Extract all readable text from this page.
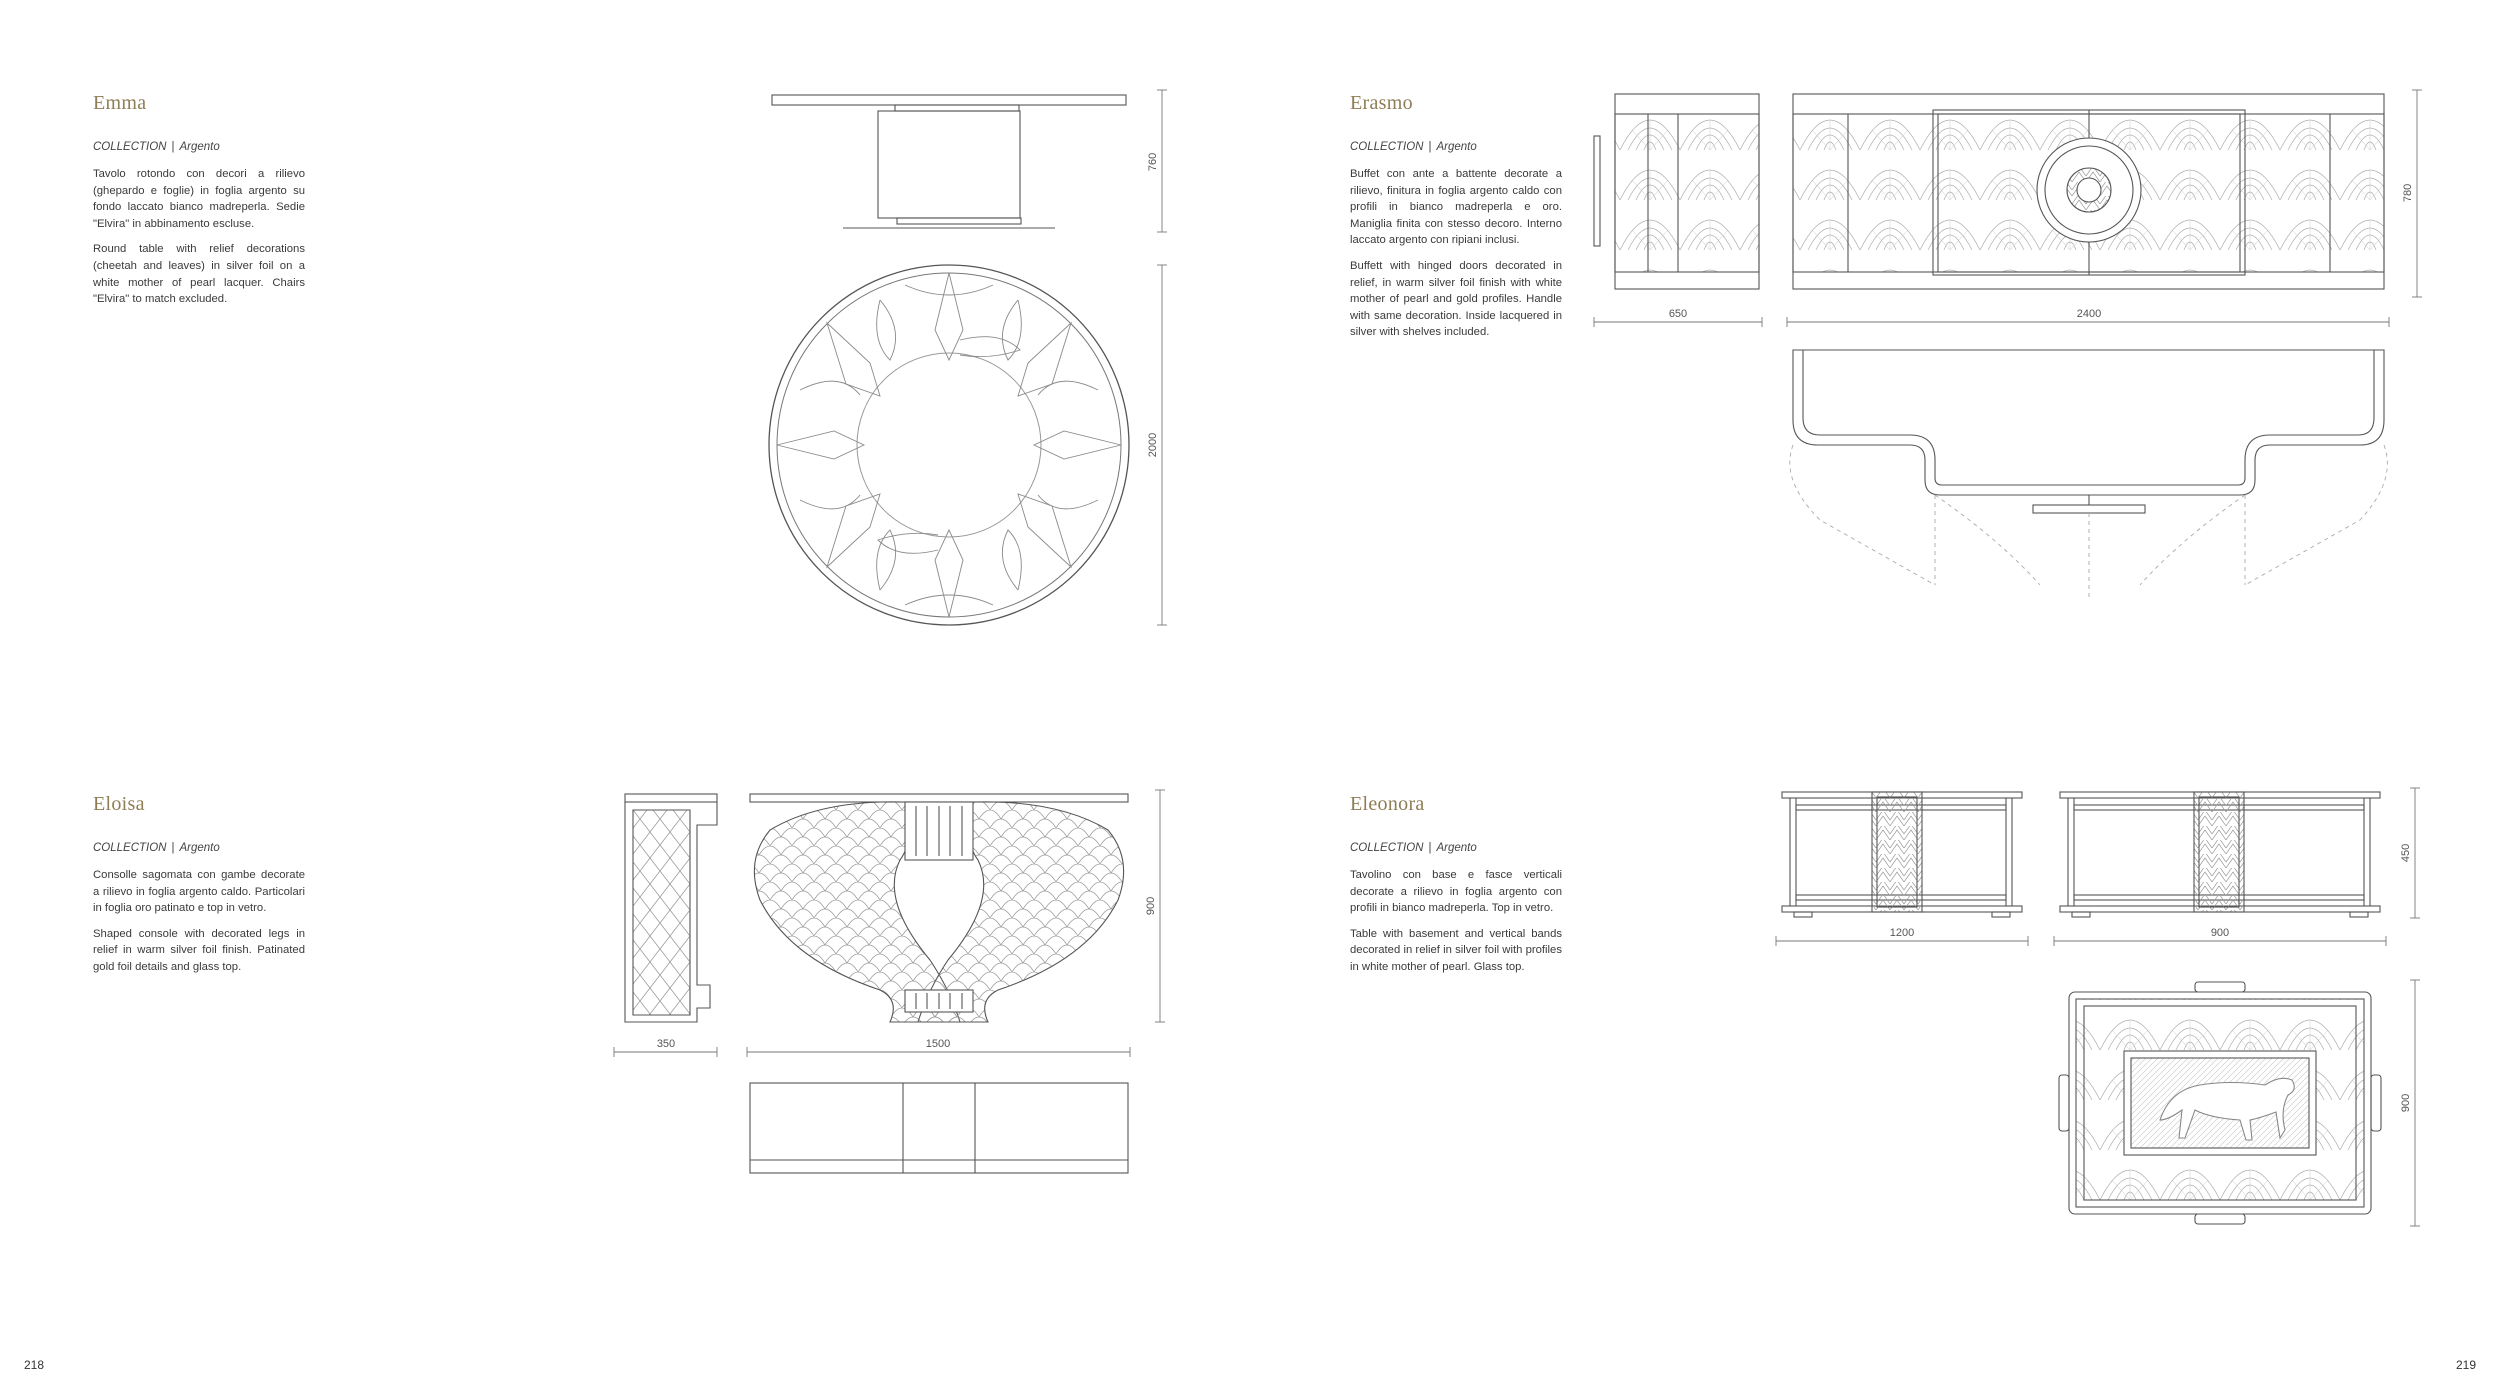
Emma

COLLECTION | Argento

Tavolo rotondo con decori a rilievo (ghepardo e foglie) in foglia argento su fondo laccato bianco madreperla. Sedie "Elvira" in abbinamento escluse.

Round table with relief decorations (cheetah and leaves) in silver foil on a white mother of pearl lacquer. Chairs "Elvira" to match excluded.

Erasmo

COLLECTION | Argento

Buffet con ante a battente decorate a rilievo, finitura in foglia argento caldo con profili in bianco madreperla e oro. Maniglia finita con stesso decoro. Interno laccato argento con ripiani inclusi.

Buffett with hinged doors decorated in relief, in warm silver foil finish with white mother of pearl and gold profiles. Handle with same decoration. Inside lacquered in silver with shelves included.

Eloisa

COLLECTION | Argento

Consolle sagomata con gambe decorate a rilievo in foglia argento caldo. Particolari in foglia oro patinato e top in vetro.

Shaped console with decorated legs in relief in warm silver foil finish. Patinated gold foil details and glass top.

Eleonora

COLLECTION | Argento

Tavolino con base e fasce verticali decorate a rilievo in foglia argento con profili in bianco madreperla. Top in vetro.

Table with basement and vertical bands decorated in relief in silver foil with profiles in white mother of pearl. Glass top.

760
2000
650	2400
780
350	1500
900
1200	900
450
900
218	219
